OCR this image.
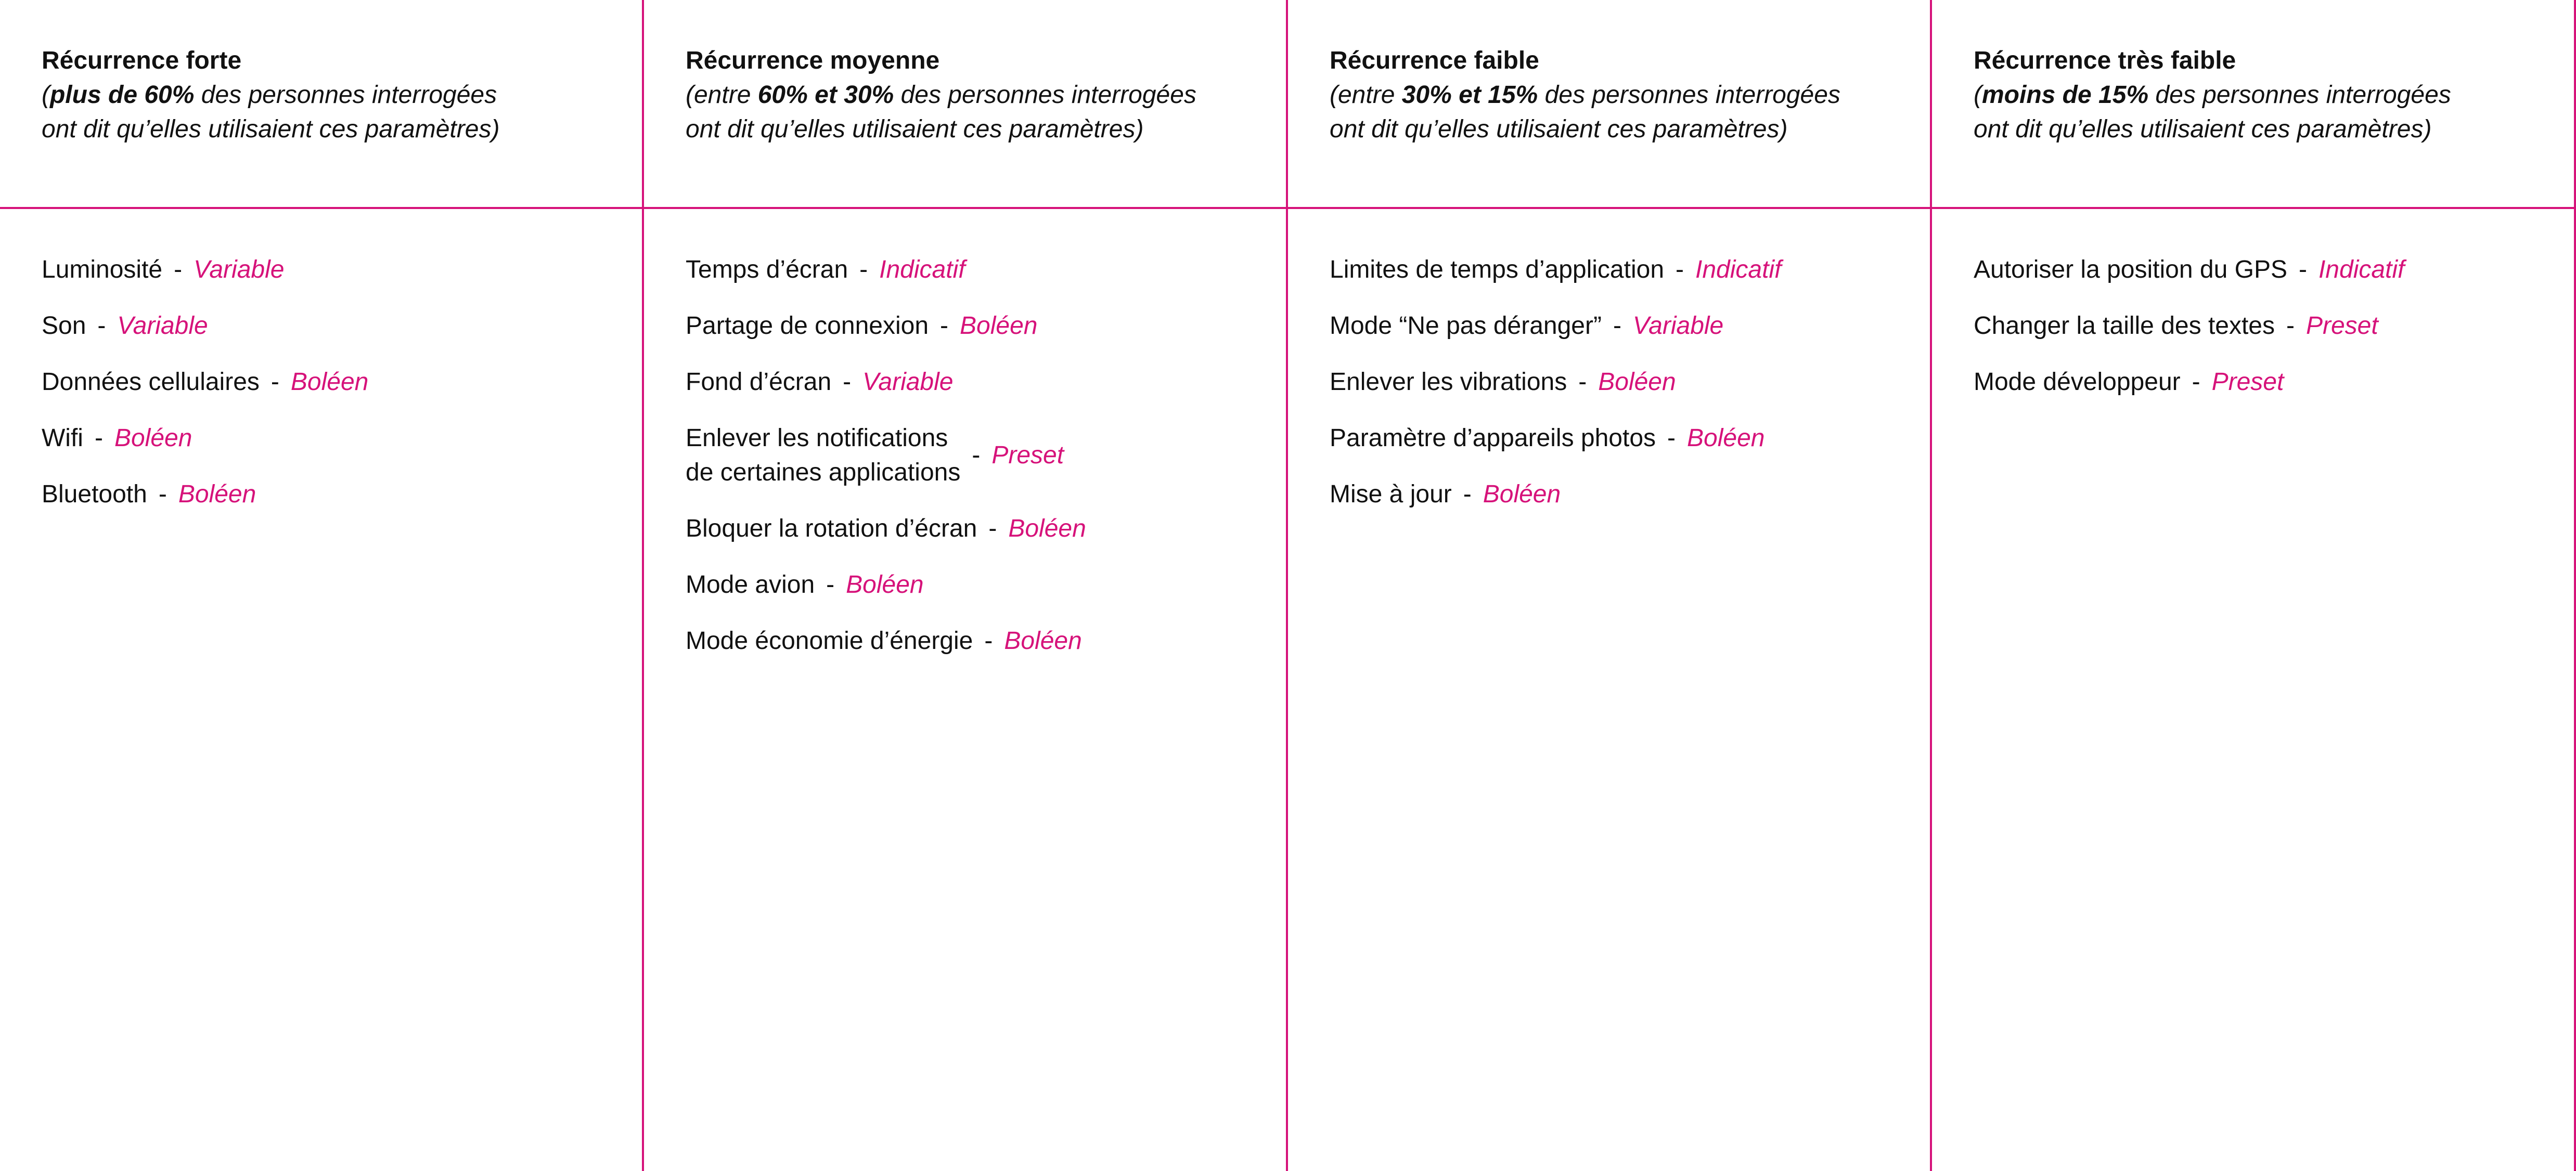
Récurrence forte

(plus de 60% des personnes interrogées

ont dit qu’elles utilisaient ces paramètres)

Luminosité - Variable
Son - Variable
Données cellulaires - Boléen
Wifi - Boléen
Bluetooth - Boléen

Récurrence moyenne

(entre 60% et 30% des personnes interrogées

ont dit qu’elles utilisaient ces paramètres)

Temps d’écran - Indicatif
Partage de connexion - Boléen
Fond d’écran - Variable
Enlever les notifications
de certaines applications
- Preset
Bloquer la rotation d’écran - Boléen
Mode avion - Boléen
Mode économie d’énergie - Boléen

Récurrence faible

(entre 30% et 15% des personnes interrogées

ont dit qu’elles utilisaient ces paramètres)

Limites de temps d’application - Indicatif
Mode “Ne pas déranger” - Variable
Enlever les vibrations - Boléen
Paramètre d’appareils photos - Boléen
Mise à jour - Boléen

Récurrence très faible

(moins de 15% des personnes interrogées

ont dit qu’elles utilisaient ces paramètres)

Autoriser la position du GPS - Indicatif
Changer la taille des textes - Preset
Mode développeur - Preset
